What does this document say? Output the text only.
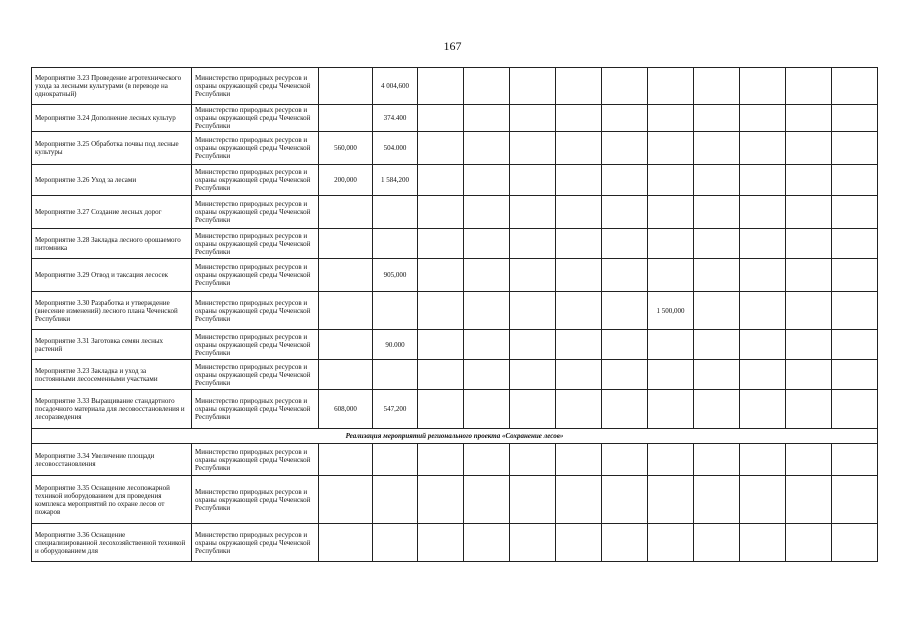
167
Мероприятие 3.23 Проведение агротехнического ухода за лесными культурами (в переводе на однократный)	Министерство природных ресурсов и охраны окружающей среды Чеченской Республики		4 004,600										
Мероприятие 3.24 Дополнение лесных культур	Министерство природных ресурсов и охраны окружающей среды Чеченской Республики		374.400										
Мероприятие 3.25 Обработка почвы под лесные культуры	Министерство природных ресурсов и охраны окружающей среды Чеченской Республики	560,000	504.000										
Мероприятие 3.26 Уход за лесами	Министерство природных ресурсов и охраны окружающей среды Чеченской Республики	200,000	1 584,200										
Мероприятие 3.27 Создание лесных дорог	Министерство природных ресурсов и охраны окружающей среды Чеченской Республики												
Мероприятие 3.28 Закладка лесного орошаемого питомника	Министерство природных ресурсов и охраны окружающей среды Чеченской Республики												
Мероприятие 3.29 Отвод и таксация лесосек	Министерство природных ресурсов и охраны окружающей среды Чеченской Республики		905,000										
Мероприятие 3.30 Разработка и утверждение (внесение изменений) лесного плана Чеченской Республики	Министерство природных ресурсов и охраны окружающей среды Чеченской Республики								1 500,000				
Мероприятие 3.31 Заготовка семян лесных растений	Министерство природных ресурсов и охраны окружающей среды Чеченской Республики		90.000										
Мероприятие 3.23 Закладка и уход за постоянными лесосеменными участками	Министерство природных ресурсов и охраны окружающей среды Чеченской Республики												
Мероприятие 3.33 Выращивание стандартного посадочного материала для лесовосстановления и лесоразведения	Министерство природных ресурсов и охраны окружающей среды Чеченской Республики	608,000	547,200										
Реализация мероприятий регионального проекта «Сохранение лесов»													
Мероприятие 3.34 Увеличение площади лесовосстановления	Министерство природных ресурсов и охраны окружающей среды Чеченской Республики												
Мероприятие 3.35 Оснащение лесопожарной техникой иоборудованием для проведения комплекса мероприятий по охране лесов от пожаров	Министерство природных ресурсов и охраны окружающей среды Чеченской Республики												
Мероприятие 3.36 Оснащение специализированной лесохозяйственной техникой и оборудованием для	Министерство природных ресурсов и охраны окружающей среды Чеченской Республики												
